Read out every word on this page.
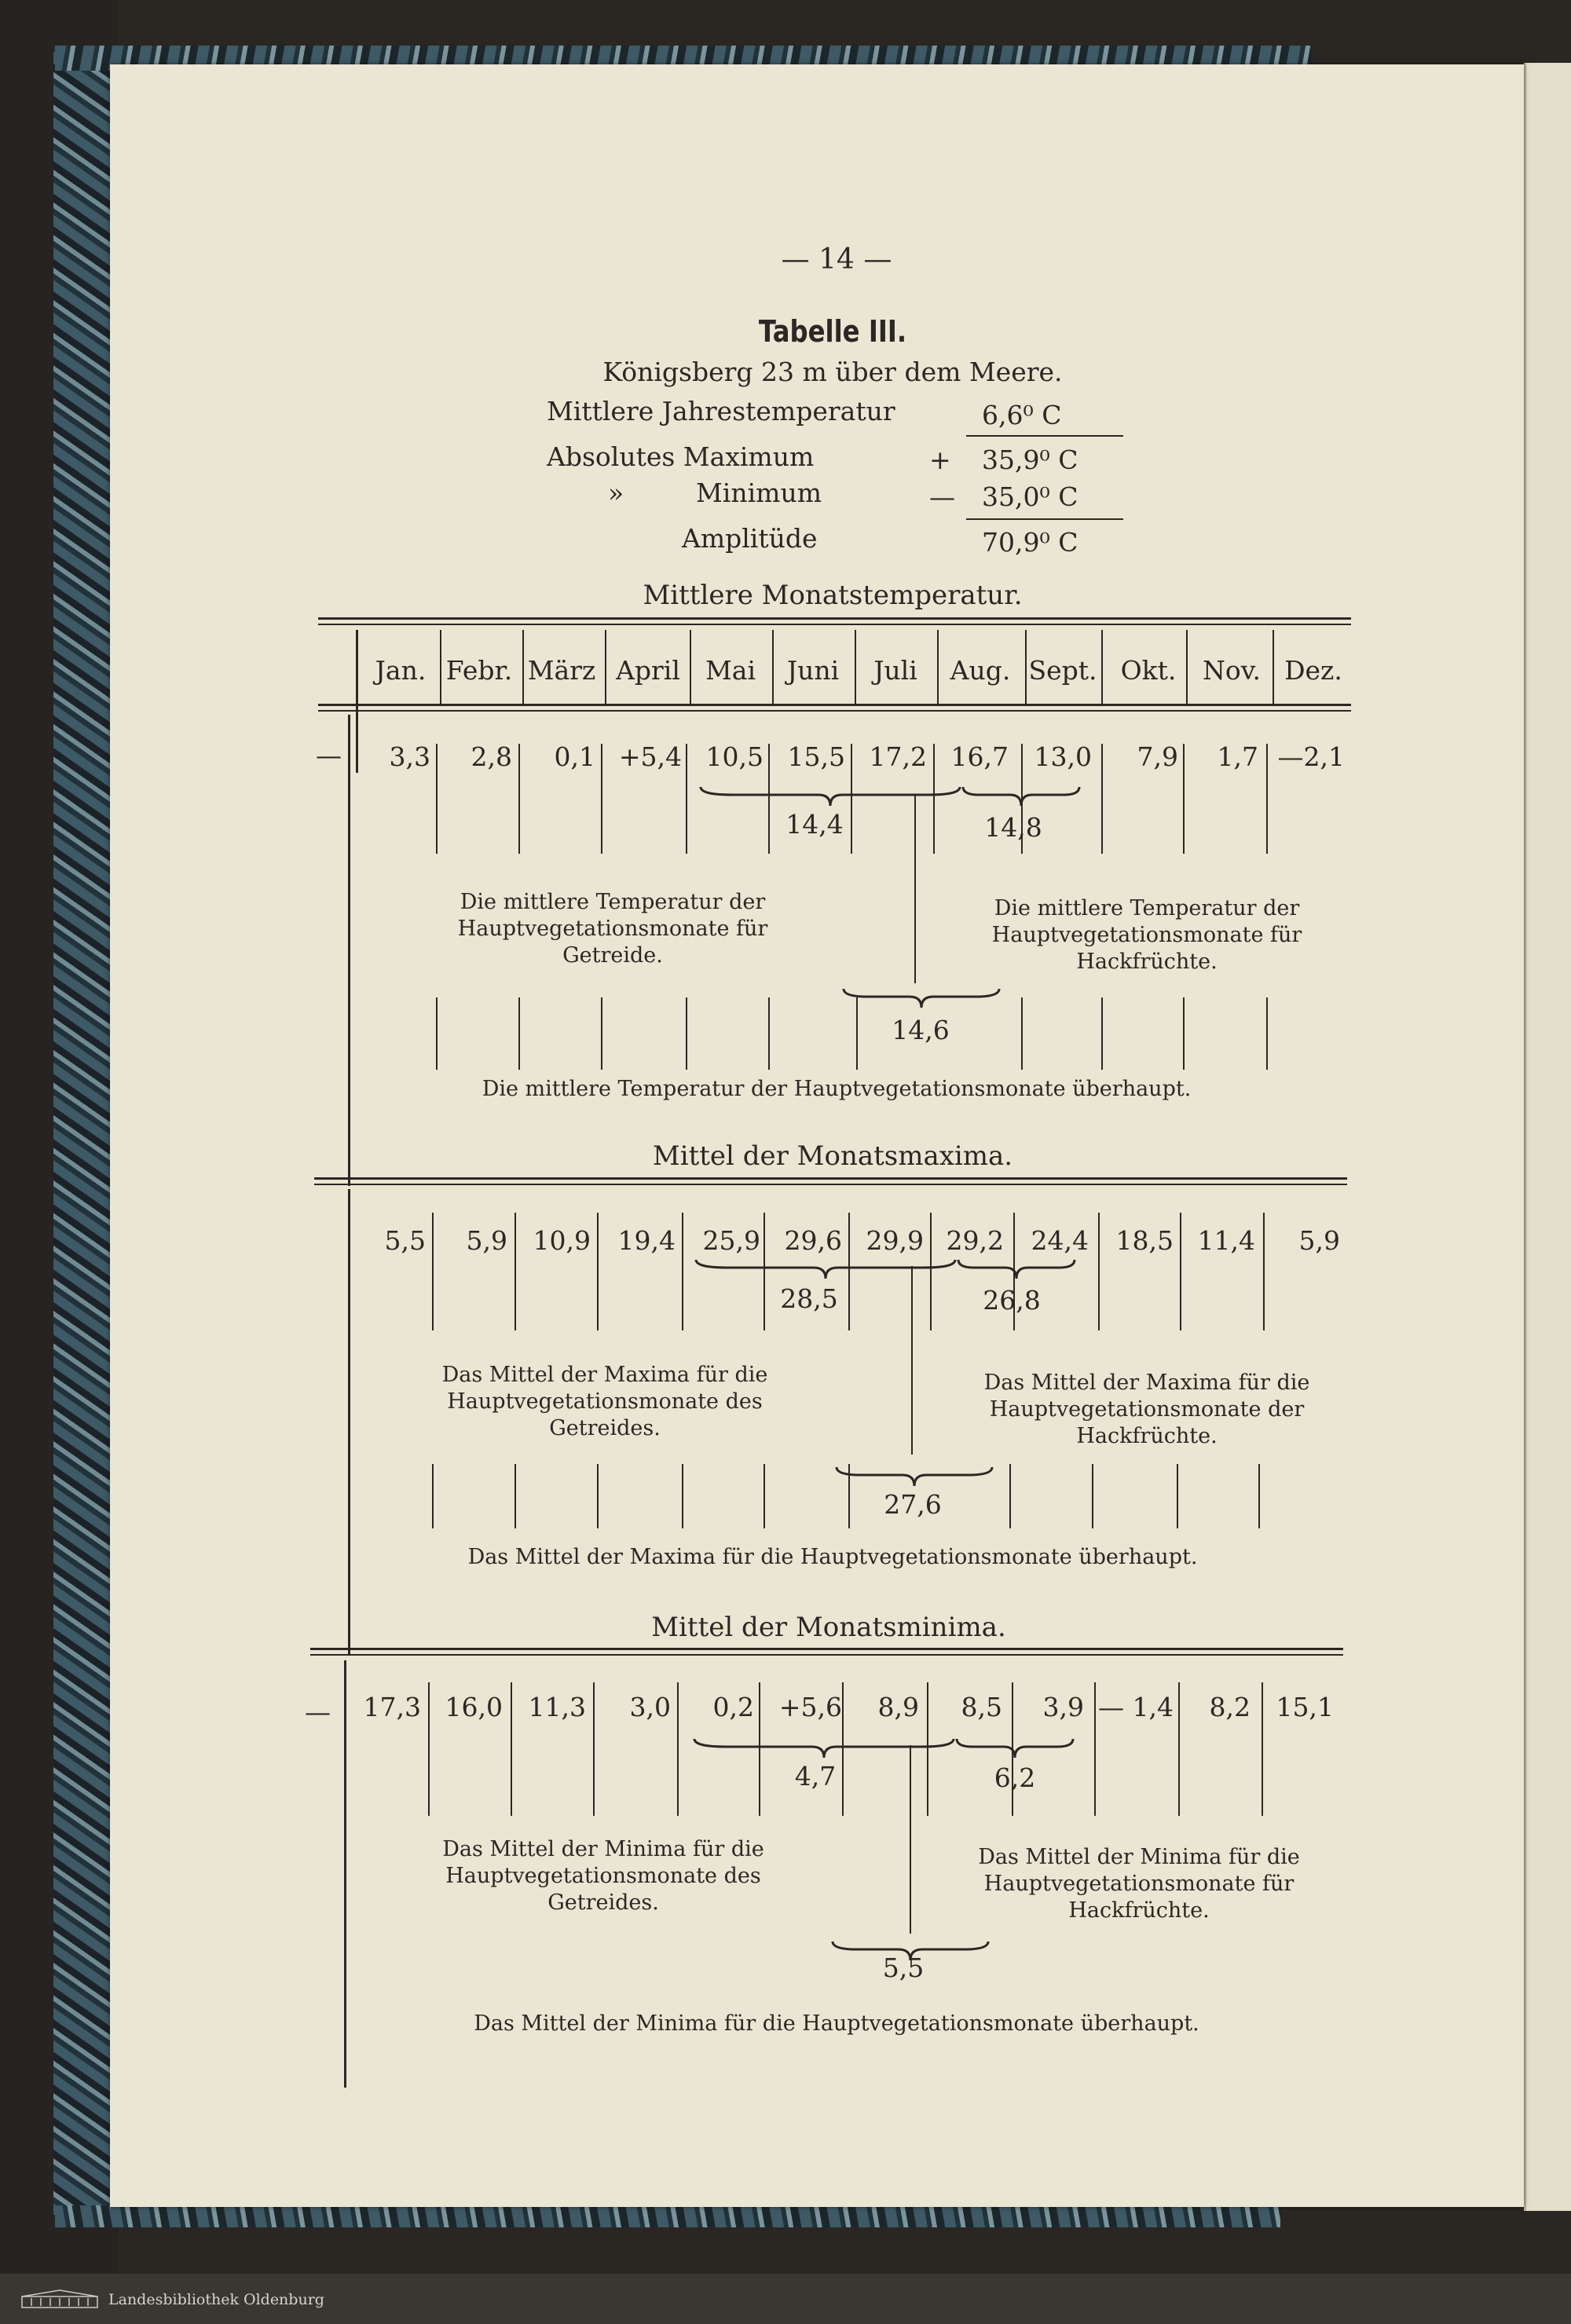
— 14 —
Tabelle III.
Königsberg 23 m über dem Meere.
Mittlere Jahrestemperatur	6,6⁰ C
Absolutes Maximum	+ 35,9⁰ C
»	Minimum	— 35,0⁰ C
Amplitüde	70,9⁰ C
Mittlere Monatstemperatur.
Jan. Febr. März April Mai Juni Juli Aug. Sept. Okt. Nov. Dez.
— 3,3 2,8 0,1 +5,4 10,5 15,5 17,2 16,7 13,0 7,9 1,7 —2,1
14,4	14,8
Die mittlere Temperatur der Hauptvegetationsmonate für Getreide.
Die mittlere Temperatur der Hauptvegetationsmonate für Hackfrüchte.
14,6
Die mittlere Temperatur der Hauptvegetationsmonate überhaupt.
Mittel der Monatsmaxima.
5,5 5,9 10,9 19,4 25,9 29,6 29,9 29,2 24,4 18,5 11,4 5,9
28,5	26,8
Das Mittel der Maxima für die Hauptvegetationsmonate des Getreides.
Das Mittel der Maxima für die Hauptvegetationsmonate der Hackfrüchte.
27,6
Das Mittel der Maxima für die Hauptvegetationsmonate überhaupt.
Mittel der Monatsminima.
— 17,3 16,0 11,3 3,0 0,2 +5,6 8,9 8,5 3,9 — 1,4 8,2 15,1
4,7	6,2
Das Mittel der Minima für die Hauptvegetationsmonate des Getreides.
Das Mittel der Minima für die Hauptvegetationsmonate für Hackfrüchte.
5,5
Das Mittel der Minima für die Hauptvegetationsmonate überhaupt.
Landesbibliothek Oldenburg
